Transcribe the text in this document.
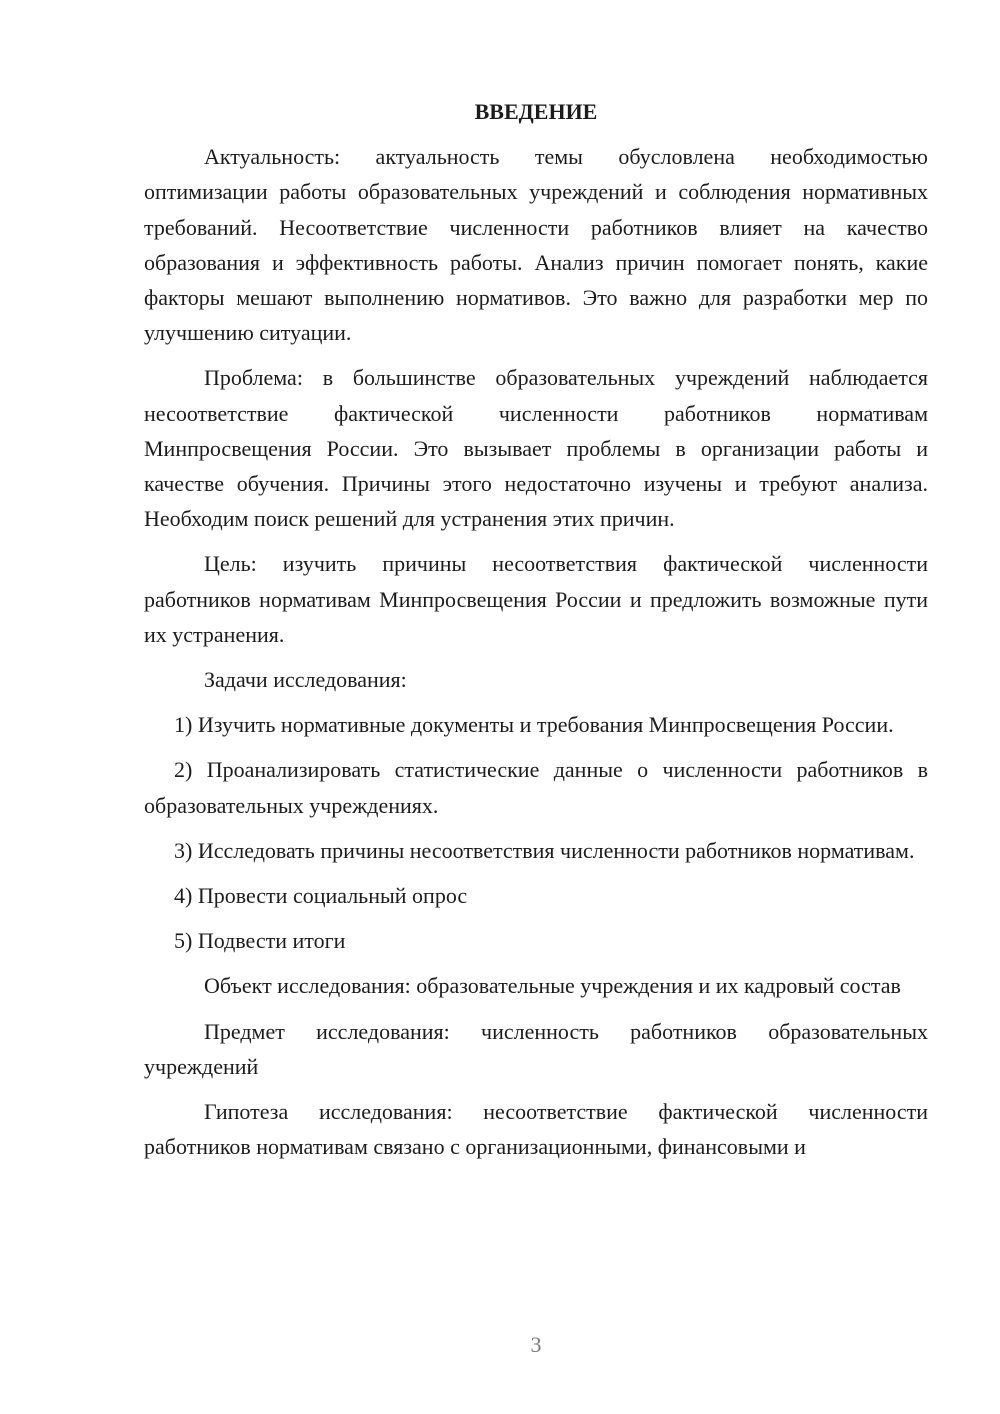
ВВЕДЕНИЕ

Актуальность: актуальность темы обусловлена необходимостью оптимизации работы образовательных учреждений и соблюдения нормативных требований. Несоответствие численности работников влияет на качество образования и эффективность работы. Анализ причин помогает понять, какие факторы мешают выполнению нормативов. Это важно для разработки мер по улучшению ситуации.

Проблема: в большинстве образовательных учреждений наблюдается несоответствие фактической численности работников нормативам Минпросвещения России. Это вызывает проблемы в организации работы и качестве обучения. Причины этого недостаточно изучены и требуют анализа. Необходим поиск решений для устранения этих причин.

Цель: изучить причины несоответствия фактической численности работников нормативам Минпросвещения России и предложить возможные пути их устранения.

Задачи исследования:

1) Изучить нормативные документы и требования Минпросвещения России.

2) Проанализировать статистические данные о численности работников в образовательных учреждениях.

3) Исследовать причины несоответствия численности работников нормативам.

4) Провести социальный опрос

5) Подвести итоги

Объект исследования: образовательные учреждения и их кадровый состав

Предмет исследования: численность работников образовательных учреждений

Гипотеза исследования: несоответствие фактической численности работников нормативам связано с организационными, финансовыми и

3
